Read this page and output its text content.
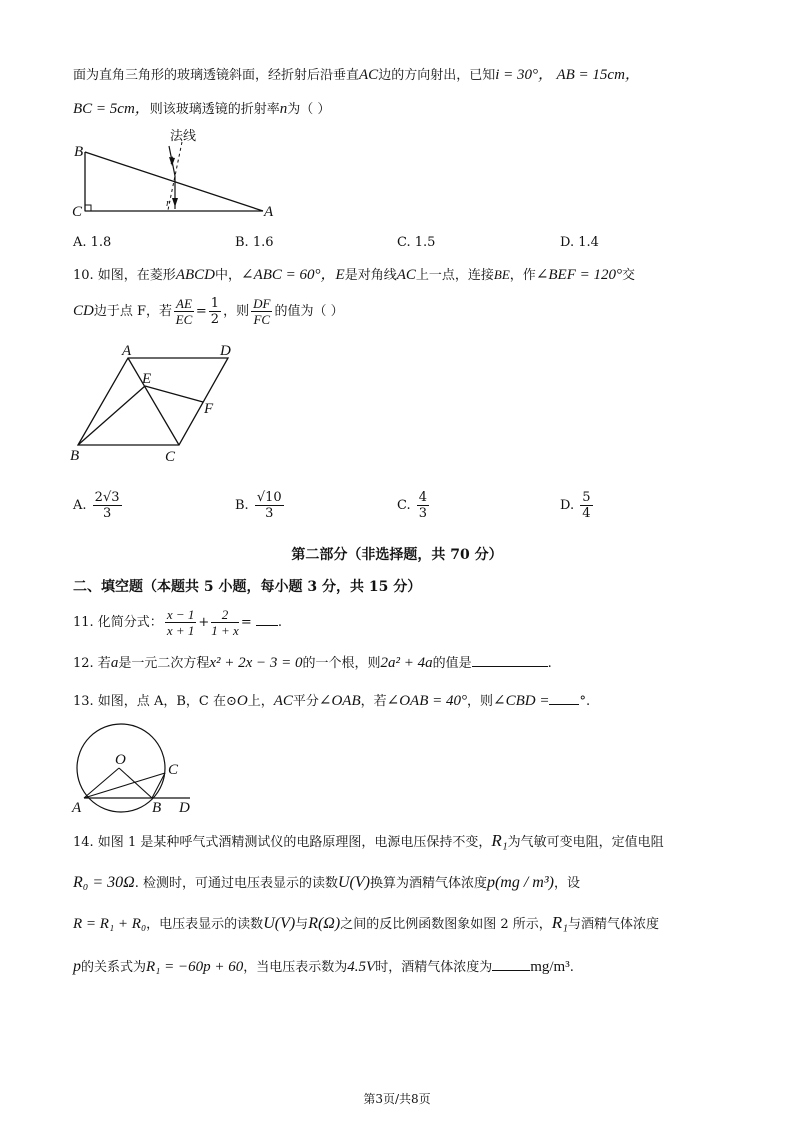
面为直角三角形的玻璃透镜斜面，经折射后沿垂直AC边的方向射出，已知i = 30°， AB = 15cm，
BC = 5cm，则该玻璃透镜的折射率n为（ ）
法线
B
C	A
i
r
A. 1.8	B. 1.6	C. 1.5	D. 1.4
10. 如图，在菱形ABCD中，∠ABC = 60°，E是对角线AC上一点，连接BE，作∠BEF = 120°交
CD边于点 F，若 $\frac{AE}{EC} = \frac{1}{2}$ ，则 $\frac{DF}{FC}$ 的值为（ ）
A	D
E
F
B	C
A. $\frac{2√3}{3}$	B. $\frac{√10}{3}$	C. $\frac{4}{3}$	D. $\frac{5}{4}$
第二部分（非选择题，共 70 分）
二、填空题（本题共 5 小题，每小题 3 分，共 15 分）
11. 化简分式： $\frac{x - 1}{x + 1} + \frac{2}{1 + x}$ = .
12. 若a是一元二次方程x² + 2x − 3 = 0的一个根，则2a² + 4a的值是	.
13. 如图，点 A，B，C 在⊙O上，AC平分∠OAB，若∠OAB = 40°，则∠CBD = °.
O
C
A	B D
14. 如图 1 是某种呼气式酒精测试仪的电路原理图，电源电压保持不变，R₁为气敏可变电阻，定值电阻
R₀ = 30Ω. 检测时，可通过电压表显示的读数U(V)换算为酒精气体浓度p(mg / m³)，设
R = R₁ + R₀，电压表显示的读数U(V)与R(Ω)之间的反比例函数图象如图 2 所示，R₁与酒精气体浓度
p的关系式为R₁ = −60p + 60，当电压表示数为4.5V时，酒精气体浓度为	mg/m³.
第3页/共8页
